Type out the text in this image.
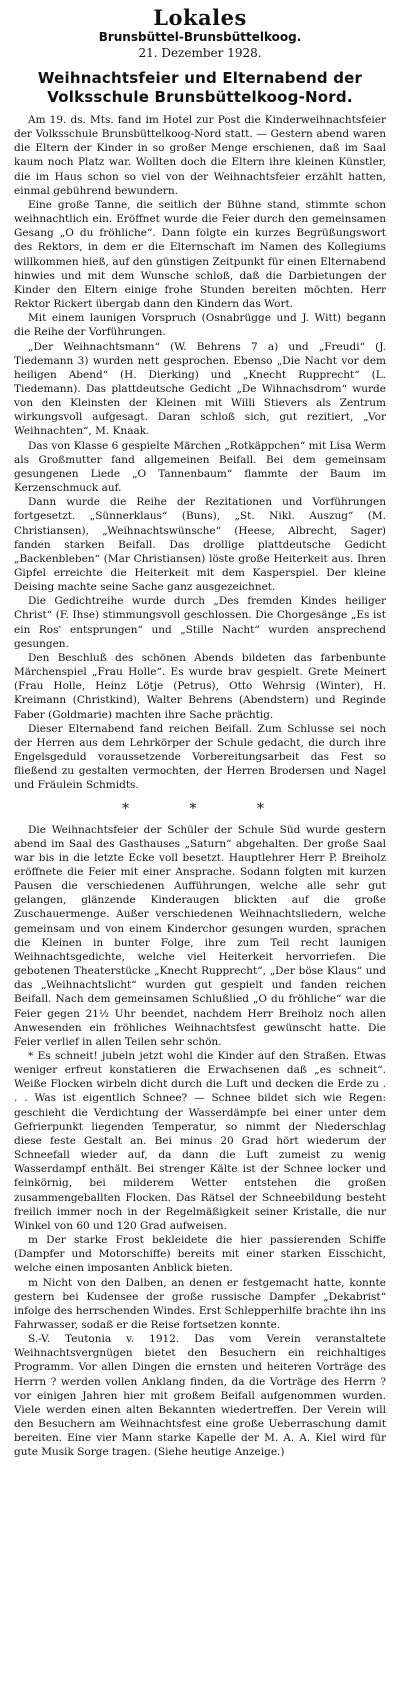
Lokales
Brunsbüttel-Brunsbüttelkoog.
21. Dezember 1928.
Weihnachtsfeier und Elternabend der Volksschule Brunsbüttelkoog-Nord.

Am 19. ds. Mts. fand im Hotel zur Post die Kinderweihnachtsfeier der Volksschule Brunsbüttelkoog-Nord statt. — Gestern abend waren die Eltern der Kinder in so großer Menge erschienen, daß im Saal kaum noch Platz war. Wollten doch die Eltern ihre kleinen Künstler, die im Haus schon so viel von der Weihnachtsfeier erzählt hatten, einmal gebührend bewundern.

Eine große Tanne, die seitlich der Bühne stand, stimmte schon weihnachtlich ein. Eröffnet wurde die Feier durch den gemeinsamen Gesang „O du fröhliche“. Dann folgte ein kurzes Begrüßungswort des Rektors, in dem er die Elternschaft im Namen des Kollegiums willkommen hieß, auf den günstigen Zeitpunkt für einen Elternabend hinwies und mit dem Wunsche schloß, daß die Darbietungen der Kinder den Eltern einige frohe Stunden bereiten möchten. Herr Rektor Rickert übergab dann den Kindern das Wort.

Mit einem launigen Vorspruch (Osnabrügge und J. Witt) begann die Reihe der Vorführungen.

„Der Weihnachtsmann“ (W. Behrens 7 a) und „Freudi“ (J. Tiedemann 3) wurden nett gesprochen. Ebenso „Die Nacht vor dem heiligen Abend“ (H. Dierking) und „Knecht Rupprecht“ (L. Tiedemann). Das plattdeutsche Gedicht „De Wihnachsdrom“ wurde von den Kleinsten der Kleinen mit Willi Stievers als Zentrum wirkungsvoll aufgesagt. Daran schloß sich, gut rezitiert, „Vor Weihnachten“, M. Knaak.

Das von Klasse 6 gespielte Märchen „Rotkäppchen“ mit Lisa Werm als Großmutter fand allgemeinen Beifall. Bei dem gemeinsam gesungenen Liede „O Tannenbaum“ flammte der Baum im Kerzenschmuck auf.

Dann wurde die Reihe der Rezitationen und Vorführungen fortgesetzt. „Sünnerklaus“ (Buns), „St. Nikl. Auszug“ (M. Christiansen), „Weihnachtswünsche“ (Heese, Albrecht, Sager) fanden starken Beifall. Das drollige plattdeutsche Gedicht „Backenbleben“ (Mar Christiansen) löste große Heiterkeit aus. Ihren Gipfel erreichte die Heiterkeit mit dem Kasperspiel. Der kleine Deising machte seine Sache ganz ausgezeichnet.

Die Gedichtreihe wurde durch „Des fremden Kindes heiliger Christ“ (F. Ihse) stimmungsvoll geschlossen. Die Chorgesänge „Es ist ein Ros' entsprungen“ und „Stille Nacht“ wurden ansprechend gesungen.

Den Beschluß des schönen Abends bildeten das farbenbunte Märchenspiel „Frau Holle“. Es wurde brav gespielt. Grete Meinert (Frau Holle, Heinz Lötje (Petrus), Otto Wehrsig (Winter), H. Kreimann (Christkind), Walter Behrens (Abendstern) und Reginde Faber (Goldmarie) machten ihre Sache prächtig.

Dieser Elternabend fand reichen Beifall. Zum Schlusse sei noch der Herren aus dem Lehrkörper der Schule gedacht, die durch ihre Engelsgeduld voraussetzende Vorbereitungsarbeit das Fest so fließend zu gestalten vermochten, der Herren Brodersen und Nagel und Fräulein Schmidts.

* * *

Die Weihnachtsfeier der Schüler der Schule Süd wurde gestern abend im Saal des Gasthauses „Saturn“ abgehalten. Der große Saal war bis in die letzte Ecke voll besetzt. Hauptlehrer Herr P. Breiholz eröffnete die Feier mit einer Ansprache. Sodann folgten mit kurzen Pausen die verschiedenen Aufführungen, welche alle sehr gut gelangen, glänzende Kinderaugen blickten auf die große Zuschauermenge. Außer verschiedenen Weihnachtsliedern, welche gemeinsam und von einem Kinderchor gesungen wurden, sprachen die Kleinen in bunter Folge, ihre zum Teil recht launigen Weihnachtsgedichte, welche viel Heiterkeit hervorriefen. Die gebotenen Theaterstücke „Knecht Rupprecht“, „Der böse Klaus“ und das „Weihnachtslicht“ wurden gut gespielt und fanden reichen Beifall. Nach dem gemeinsamen Schlußlied „O du fröhliche“ war die Feier gegen 21½ Uhr beendet, nachdem Herr Breiholz noch allen Anwesenden ein fröhliches Weihnachtsfest gewünscht hatte. Die Feier verlief in allen Teilen sehr schön.

* Es schneit! jubeln jetzt wohl die Kinder auf den Straßen. Etwas weniger erfreut konstatieren die Erwachsenen daß „es schneit“. Weiße Flocken wirbeln dicht durch die Luft und decken die Erde zu . . . Was ist eigentlich Schnee? — Schnee bildet sich wie Regen: geschieht die Verdichtung der Wasserdämpfe bei einer unter dem Gefrierpunkt liegenden Temperatur, so nimmt der Niederschlag diese feste Gestalt an. Bei minus 20 Grad hört wiederum der Schneefall wieder auf, da dann die Luft zumeist zu wenig Wasserdampf enthält. Bei strenger Kälte ist der Schnee locker und feinkörnig, bei milderem Wetter entstehen die großen zusammengeballten Flocken. Das Rätsel der Schneebildung besteht freilich immer noch in der Regelmäßigkeit seiner Kristalle, die nur Winkel von 60 und 120 Grad aufweisen.

m Der starke Frost bekleidete die hier passierenden Schiffe (Dampfer und Motorschiffe) bereits mit einer starken Eisschicht, welche einen imposanten Anblick bieten.

m Nicht von den Dalben, an denen er festgemacht hatte, konnte gestern bei Kudensee der große russische Dampfer „Dekabrist“ infolge des herrschenden Windes. Erst Schlepperhilfe brachte ihn ins Fahrwasser, sodaß er die Reise fortsetzen konnte.

S.-V. Teutonia v. 1912. Das vom Verein veranstaltete Weihnachtsvergnügen bietet den Besuchern ein reichhaltiges Programm. Vor allen Dingen die ernsten und heiteren Vorträge des Herrn ? werden vollen Anklang finden, da die Vorträge des Herrn ? vor einigen Jahren hier mit großem Beifall aufgenommen wurden. Viele werden einen alten Bekannten wiedertreffen. Der Verein will den Besuchern am Weihnachtsfest eine große Ueberraschung damit bereiten. Eine vier Mann starke Kapelle der M. A. A. Kiel wird für gute Musik Sorge tragen. (Siehe heutige Anzeige.)
